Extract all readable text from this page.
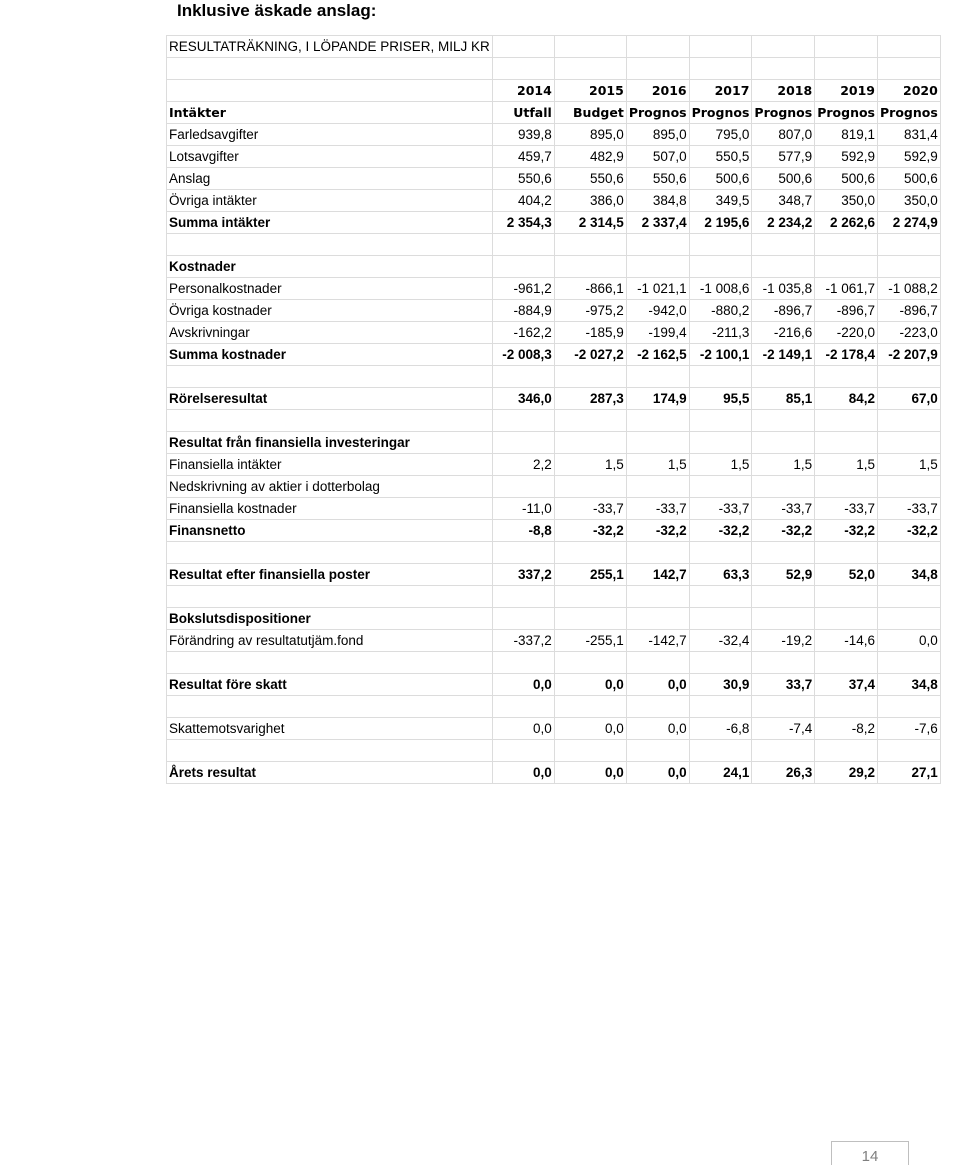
Inklusive äskade anslag:
RESULTATRÄKNING, I LÖPANDE PRISER, MILJ KR							

	2014	2015	2016	2017	2018	2019	2020
Intäkter	Utfall	Budget	Prognos	Prognos	Prognos	Prognos	Prognos
Farledsavgifter	939,8	895,0	895,0	795,0	807,0	819,1	831,4
Lotsavgifter	459,7	482,9	507,0	550,5	577,9	592,9	592,9
Anslag	550,6	550,6	550,6	500,6	500,6	500,6	500,6
Övriga intäkter	404,2	386,0	384,8	349,5	348,7	350,0	350,0
Summa intäkter	2 354,3	2 314,5	2 337,4	2 195,6	2 234,2	2 262,6	2 274,9

Kostnader							
Personalkostnader	-961,2	-866,1	-1 021,1	-1 008,6	-1 035,8	-1 061,7	-1 088,2
Övriga kostnader	-884,9	-975,2	-942,0	-880,2	-896,7	-896,7	-896,7
Avskrivningar	-162,2	-185,9	-199,4	-211,3	-216,6	-220,0	-223,0
Summa kostnader	-2 008,3	-2 027,2	-2 162,5	-2 100,1	-2 149,1	-2 178,4	-2 207,9

Rörelseresultat	346,0	287,3	174,9	95,5	85,1	84,2	67,0

Resultat från finansiella investeringar							
Finansiella intäkter	2,2	1,5	1,5	1,5	1,5	1,5	1,5
Nedskrivning av aktier i dotterbolag							
Finansiella kostnader	-11,0	-33,7	-33,7	-33,7	-33,7	-33,7	-33,7
Finansnetto	-8,8	-32,2	-32,2	-32,2	-32,2	-32,2	-32,2

Resultat efter finansiella poster	337,2	255,1	142,7	63,3	52,9	52,0	34,8

Bokslutsdispositioner							
Förändring av resultatutjäm.fond	-337,2	-255,1	-142,7	-32,4	-19,2	-14,6	0,0

Resultat före skatt	0,0	0,0	0,0	30,9	33,7	37,4	34,8

Skattemotsvarighet	0,0	0,0	0,0	-6,8	-7,4	-8,2	-7,6

Årets resultat	0,0	0,0	0,0	24,1	26,3	29,2	27,1
14
